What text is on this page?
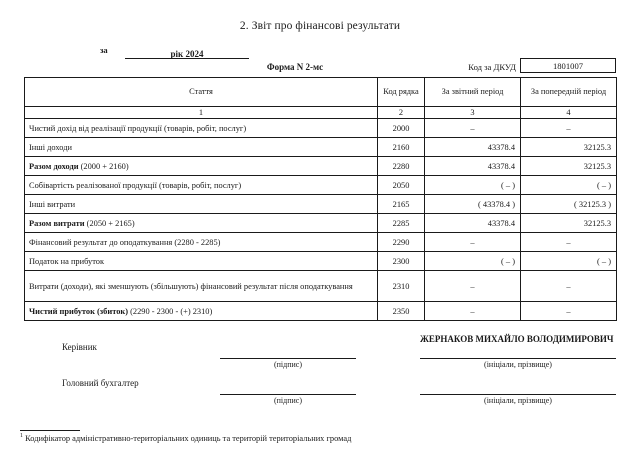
2. Звіт про фінансові результати
за	рік 2024
Форма N 2-мс	Код за ДКУД	1801007
Стаття	Код рядка	За звітний період	За попередній період
1	2	3	4
Чистий дохід від реалізації продукції (товарів, робіт, послуг)	2000	–	–
Інші доходи	2160	43378.4	32125.3
Разом доходи (2000 + 2160)	2280	43378.4	32125.3
Собівартість реалізованої продукції (товарів, робіт, послуг)	2050	( – )	( – )
Інші витрати	2165	( 43378.4 )	( 32125.3 )
Разом витрати (2050 + 2165)	2285	43378.4	32125.3
Фінансовий результат до оподаткування (2280 - 2285)	2290	–	–
Податок на прибуток	2300	( – )	( – )
Витрати (доходи), які зменшують (збільшують) фінансовий результат після оподаткування	2310	–	–
Чистий прибуток (збиток) (2290 - 2300 - (+) 2310)	2350	–	–
Керівник
Головний бухгалтер
ЖЕРНАКОВ МИХАЙЛО ВОЛОДИМИРОВИЧ
(підпис)	(ініціали, прізвище)
(підпис)	(ініціали, прізвище)
$^1$ Кодифікатор адміністративно-територіальних одиниць та територій територіальних громад
